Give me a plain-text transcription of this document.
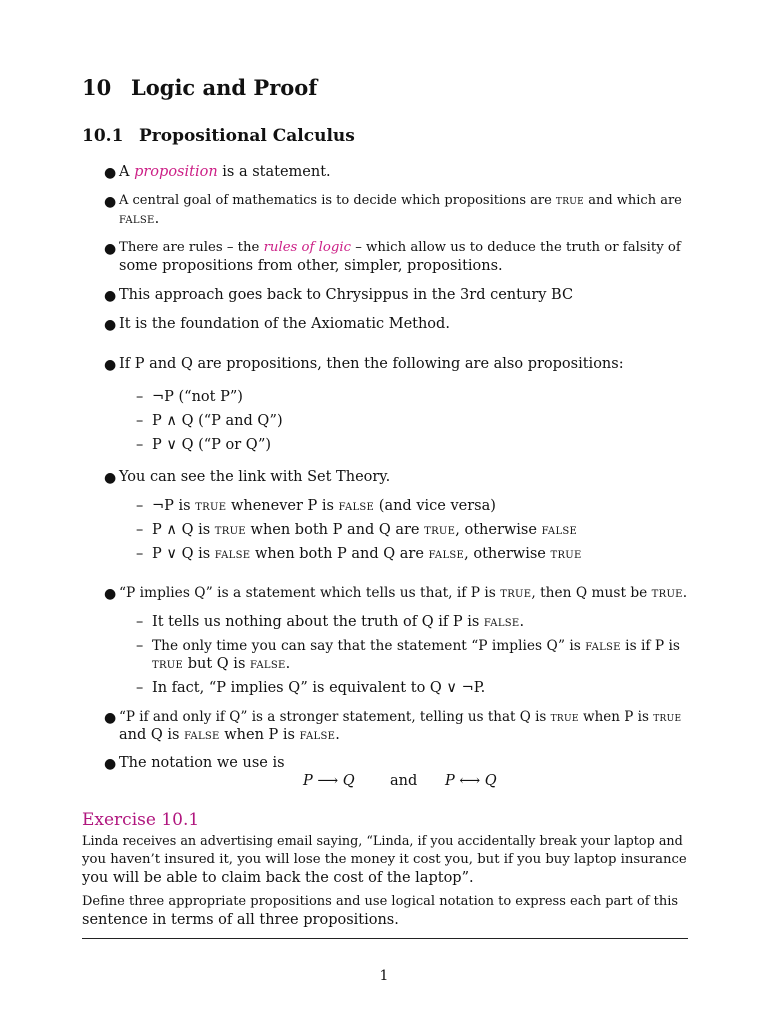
10 Logic and Proof
10.1 Propositional Calculus
● A proposition is a statement.
● A central goal of mathematics is to decide which propositions are true and which are
false.
● There are rules – the rules of logic – which allow us to deduce the truth or falsity of
some propositions from other, simpler, propositions.
● This approach goes back to Chrysippus in the 3rd century BC
● It is the foundation of the Axiomatic Method.
● If P and Q are propositions, then the following are also propositions:
– ¬P (“not P”)
– P ∧ Q (“P and Q”)
– P ∨ Q (“P or Q”)
● You can see the link with Set Theory.
– ¬P is true whenever P is false (and vice versa)
– P ∧ Q is true when both P and Q are true, otherwise false
– P ∨ Q is false when both P and Q are false, otherwise true
● “P implies Q” is a statement which tells us that, if P is true, then Q must be true.
– It tells us nothing about the truth of Q if P is false.
– The only time you can say that the statement “P implies Q” is false is if P is
true but Q is false.
– In fact, “P implies Q” is equivalent to Q ∨ ¬P.
● “P if and only if Q” is a stronger statement, telling us that Q is true when P is true
and Q is false when P is false.
● The notation we use is
P ⟶ Q and P ⟷ Q
Exercise 10.1
Linda receives an advertising email saying, “Linda, if you accidentally break your laptop and
you haven’t insured it, you will lose the money it cost you, but if you buy laptop insurance
you will be able to claim back the cost of the laptop”.
Define three appropriate propositions and use logical notation to express each part of this
sentence in terms of all three propositions.
1
